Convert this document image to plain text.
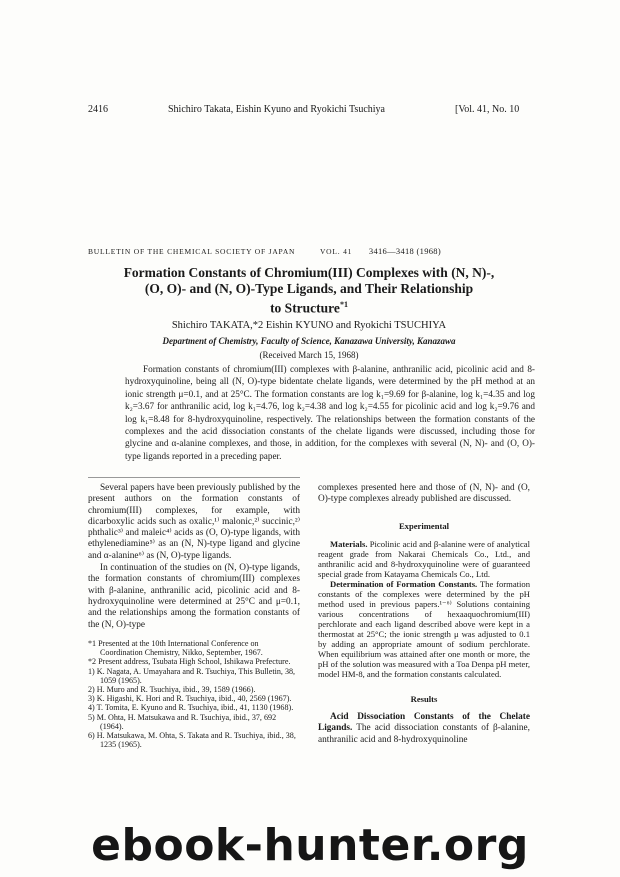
2416	Shichiro Takata, Eishin Kyuno and Ryokichi Tsuchiya	[Vol. 41, No. 10
BULLETIN OF THE CHEMICAL SOCIETY OF JAPAN	VOL. 41 3416—3418 (1968)
Formation Constants of Chromium(III) Complexes with (N, N)-,
(O, O)- and (N, O)-Type Ligands, and Their Relationship
to Structure$^{*1}$
Shichiro TAKATA,*2 Eishin KYUNO and Ryokichi TSUCHIYA
Department of Chemistry, Faculty of Science, Kanazawa University, Kanazawa
(Received March 15, 1968)

Formation constants of chromium(III) complexes with β-alanine, anthranilic acid, picolinic acid and 8-hydroxyquinoline, being all (N, O)-type bidentate chelate ligands, were determined by the pH method at an ionic strength μ=0.1, and at 25°C. The formation constants are log k₁=9.69 for β-alanine, log k₁=4.35 and log k₂=3.67 for anthranilic acid, log k₁=4.76, log k₂=4.38 and log k₂=4.55 for picolinic acid and log k₂=9.76 and log k₁=8.48 for 8-hydroxyquinoline, respectively. The relationships between the formation constants of the complexes and the acid dissociation constants of the chelate ligands were discussed, including those for glycine and α-alanine complexes, and those, in addition, for the complexes with several (N, N)- and (O, O)-type ligands reported in a preceding paper.

Several papers have been previously published by the present authors on the formation constants of chromium(III) complexes, for example, with dicarboxylic acids such as oxalic,¹⁾ malonic,²⁾ succinic,²⁾ phthalic³⁾ and maleic⁴⁾ acids as (O, O)-type ligands, with ethylenediamine⁵⁾ as an (N, N)-type ligand and glycine and α-alanine⁶⁾ as (N, O)-type ligands.

In continuation of the studies on (N, O)-type ligands, the formation constants of chromium(III) complexes with β-alanine, anthranilic acid, picolinic acid and 8-hydroxyquinoline were determined at 25°C and μ=0.1, and the relationships among the formation constants of the (N, O)-type

*1 Presented at the 10th International Conference on Coordination Chemistry, Nikko, September, 1967.

*2 Present address, Tsubata High School, Ishikawa Prefecture.

1) K. Nagata, A. Umayahara and R. Tsuchiya, This Bulletin, 38, 1059 (1965).

2) H. Muro and R. Tsuchiya, ibid., 39, 1589 (1966).

3) K. Higashi, K. Hori and R. Tsuchiya, ibid., 40, 2569 (1967).

4) T. Tomita, E. Kyuno and R. Tsuchiya, ibid., 41, 1130 (1968).

5) M. Ohta, H. Matsukawa and R. Tsuchiya, ibid., 37, 692 (1964).

6) H. Matsukawa, M. Ohta, S. Takata and R. Tsuchiya, ibid., 38, 1235 (1965).

complexes presented here and those of (N, N)- and (O, O)-type complexes already published are discussed.

Experimental

Materials. Picolinic acid and β-alanine were of analytical reagent grade from Nakarai Chemicals Co., Ltd., and anthranilic acid and 8-hydroxyquinoline were of guaranteed special grade from Katayama Chemicals Co., Ltd.

Determination of Formation Constants. The formation constants of the complexes were determined by the pH method used in previous papers.¹⁻⁶⁾ Solutions containing various concentrations of hexaaquochromium(III) perchlorate and each ligand described above were kept in a thermostat at 25°C; the ionic strength μ was adjusted to 0.1 by adding an appropriate amount of sodium perchlorate. When equilibrium was attained after one month or more, the pH of the solution was measured with a Toa Denpa pH meter, model HM-8, and the formation constants calculated.

Results

Acid Dissociation Constants of the Chelate Ligands. The acid dissociation constants of β-alanine, anthranilic acid and 8-hydroxyquinoline

ebook-hunter.org
